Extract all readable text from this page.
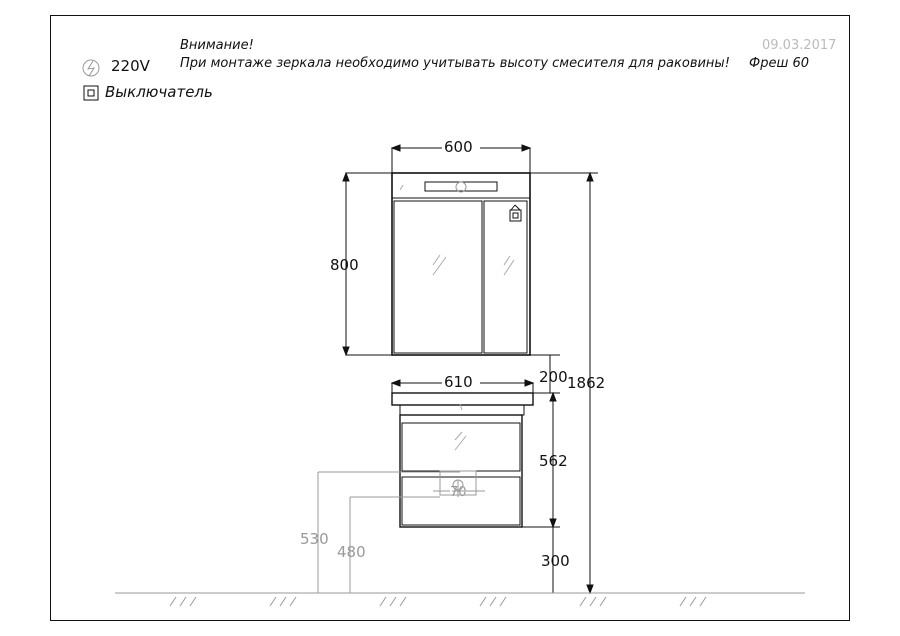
Внимание!
При монтаже зеркала необходимо учитывать высоту смесителя для раковины!
09.03.2017
Фреш 60
220V
Выключатель
600
800
610	200 1862
562
300
530
480
70
